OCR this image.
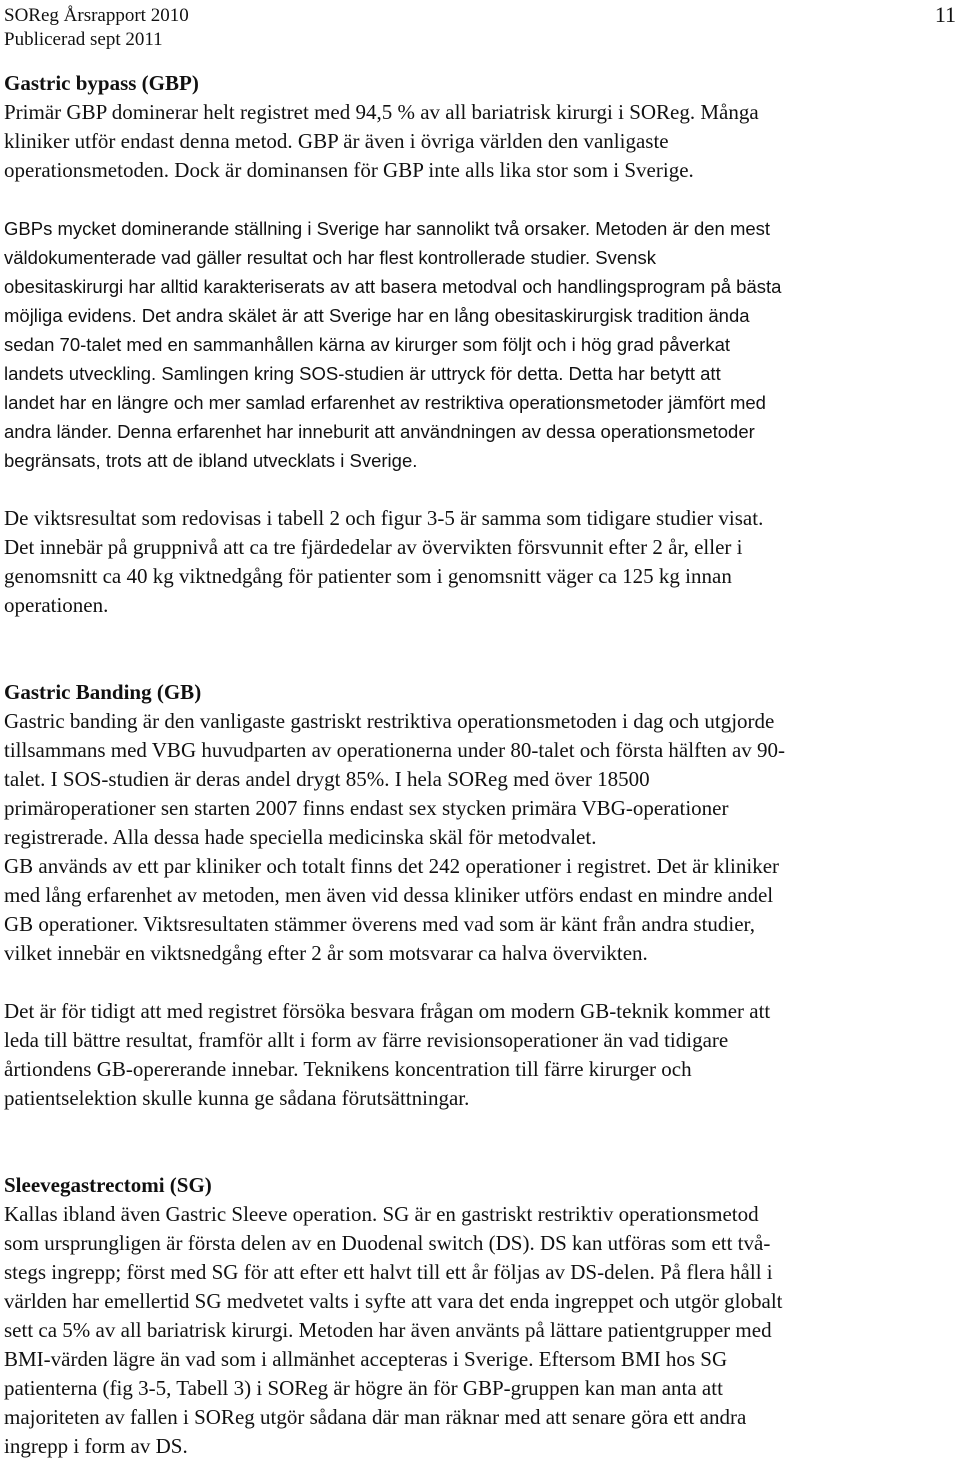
SOReg Årsrapport 2010
Publicerad sept 2011
11
Gastric bypass (GBP)
Primär GBP dominerar helt registret med 94,5 % av all bariatrisk kirurgi i SOReg. Många
kliniker utför endast denna metod. GBP är även i övriga världen den vanligaste
operationsmetoden. Dock är dominansen för GBP inte alls lika stor som i Sverige.
GBPs mycket dominerande ställning i Sverige har sannolikt två orsaker. Metoden är den mest
väldokumenterade vad gäller resultat och har flest kontrollerade studier. Svensk
obesitaskirurgi har alltid karakteriserats av att basera metodval och handlingsprogram på bästa
möjliga evidens. Det andra skälet är att Sverige har en lång obesitaskirurgisk tradition ända
sedan 70-talet med en sammanhållen kärna av kirurger som följt och i hög grad påverkat
landets utveckling. Samlingen kring SOS-studien är uttryck för detta. Detta har betytt att
landet har en längre och mer samlad erfarenhet av restriktiva operationsmetoder jämfört med
andra länder. Denna erfarenhet har inneburit att användningen av dessa operationsmetoder
begränsats, trots att de ibland utvecklats i Sverige.
De viktsresultat som redovisas i tabell 2 och figur 3-5 är samma som tidigare studier visat.
Det innebär på gruppnivå att ca tre fjärdedelar av övervikten försvunnit efter 2 år, eller i
genomsnitt ca 40 kg viktnedgång för patienter som i genomsnitt väger ca 125 kg innan
operationen.
Gastric Banding (GB)
Gastric banding är den vanligaste gastriskt restriktiva operationsmetoden i dag och utgjorde
tillsammans med VBG huvudparten av operationerna under 80-talet och första hälften av 90-
talet. I SOS-studien är deras andel drygt 85%. I hela SOReg med över 18500
primäroperationer sen starten 2007 finns endast sex stycken primära VBG-operationer
registrerade. Alla dessa hade speciella medicinska skäl för metodvalet.
GB används av ett par kliniker och totalt finns det 242 operationer i registret. Det är kliniker
med lång erfarenhet av metoden, men även vid dessa kliniker utförs endast en mindre andel
GB operationer. Viktsresultaten stämmer överens med vad som är känt från andra studier,
vilket innebär en viktsnedgång efter 2 år som motsvarar ca halva övervikten.
Det är för tidigt att med registret försöka besvara frågan om modern GB-teknik kommer att
leda till bättre resultat, framför allt i form av färre revisionsoperationer än vad tidigare
årtiondens GB-opererande innebar. Teknikens koncentration till färre kirurger och
patientselektion skulle kunna ge sådana förutsättningar.
Sleevegastrectomi (SG)
Kallas ibland även Gastric Sleeve operation. SG är en gastriskt restriktiv operationsmetod
som ursprungligen är första delen av en Duodenal switch (DS). DS kan utföras som ett två-
stegs ingrepp; först med SG för att efter ett halvt till ett år följas av DS-delen. På flera håll i
världen har emellertid SG medvetet valts i syfte att vara det enda ingreppet och utgör globalt
sett ca 5% av all bariatrisk kirurgi. Metoden har även använts på lättare patientgrupper med
BMI-värden lägre än vad som i allmänhet accepteras i Sverige. Eftersom BMI hos SG
patienterna (fig 3-5, Tabell 3) i SOReg är högre än för GBP-gruppen kan man anta att
majoriteten av fallen i SOReg utgör sådana där man räknar med att senare göra ett andra
ingrepp i form av DS.
